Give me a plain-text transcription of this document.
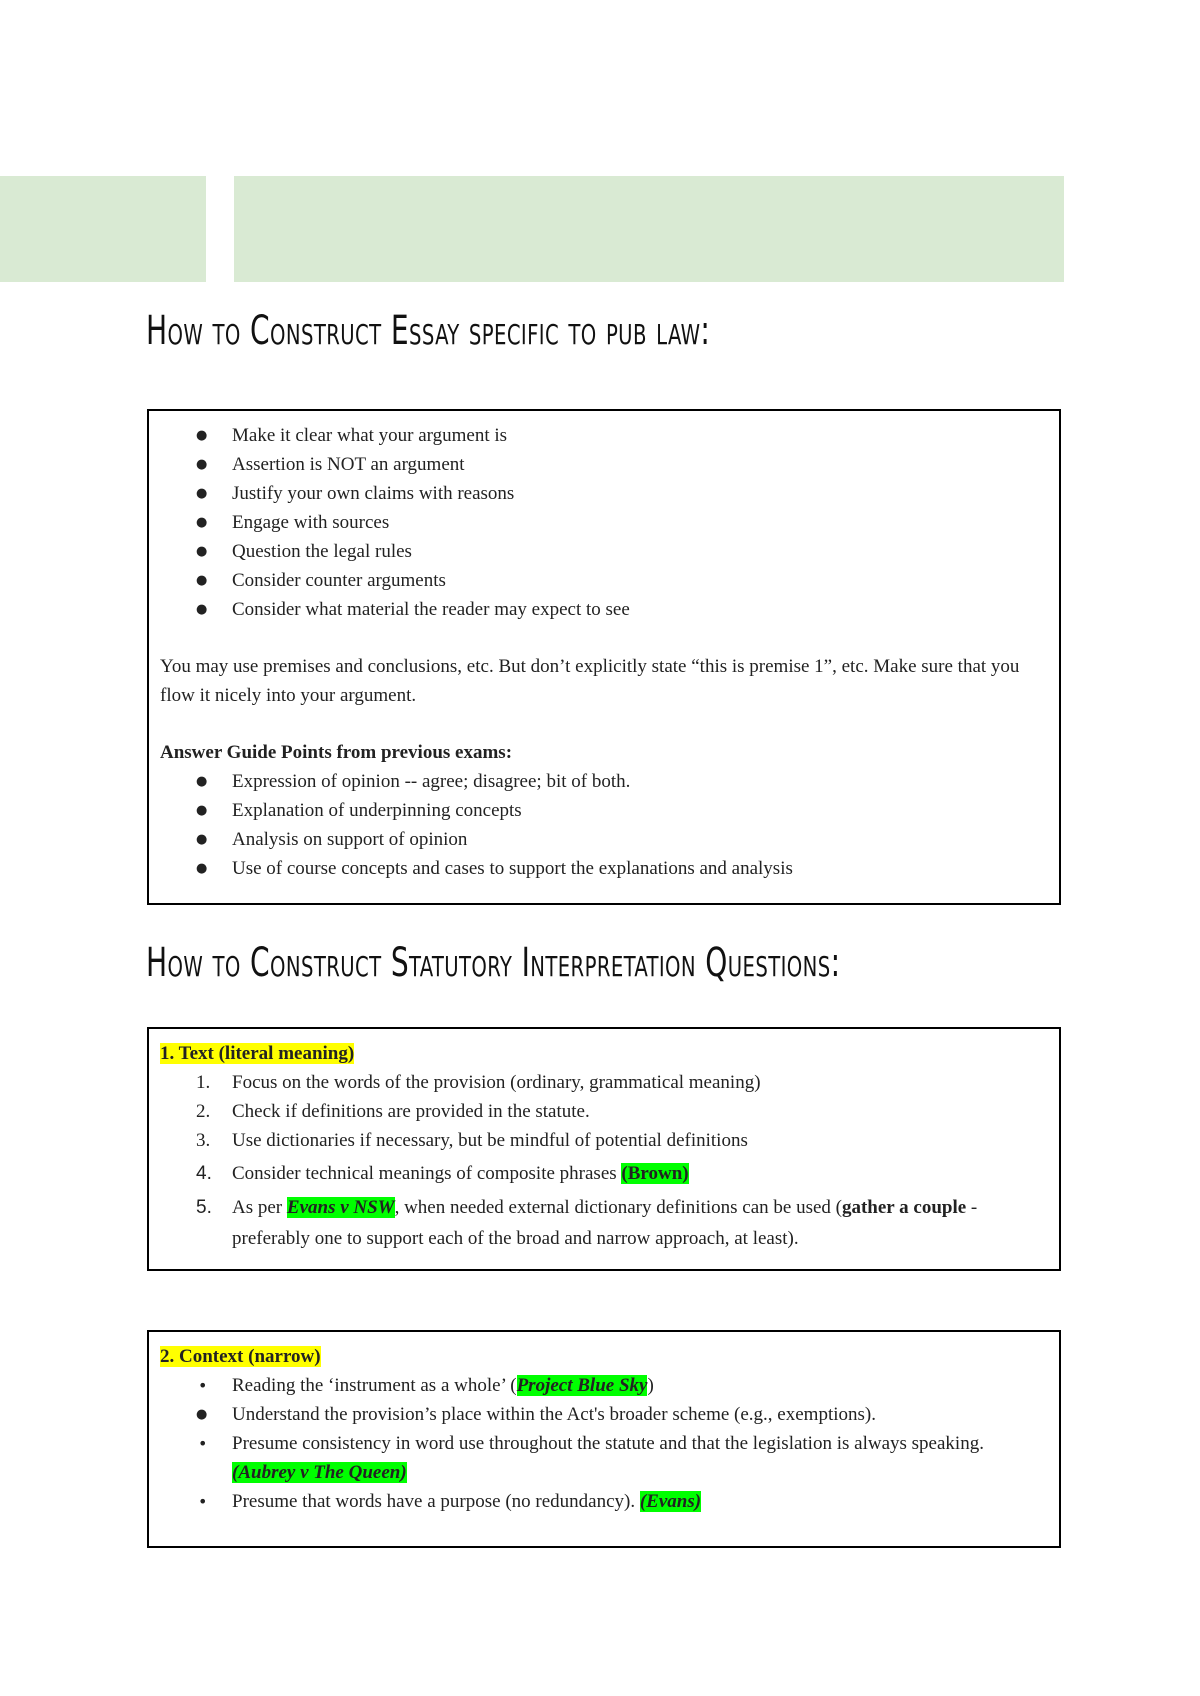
How to Construct Essay specific to pub law:
● Make it clear what your argument is
● Assertion is NOT an argument
● Justify your own claims with reasons
● Engage with sources
● Question the legal rules
● Consider counter arguments
● Consider what material the reader may expect to see

You may use premises and conclusions, etc. But don’t explicitly state “this is premise 1”, etc. Make sure that you flow it nicely into your argument.

Answer Guide Points from previous exams:

● Expression of opinion -- agree; disagree; bit of both.
● Explanation of underpinning concepts
● Analysis on support of opinion
● Use of course concepts and cases to support the explanations and analysis
How to Construct Statutory Interpretation Questions:
1. Text (literal meaning)
1. Focus on the words of the provision (ordinary, grammatical meaning)
2. Check if definitions are provided in the statute.
3. Use dictionaries if necessary, but be mindful of potential definitions
4. Consider technical meanings of composite phrases (Brown)
5. As per Evans v NSW, when needed external dictionary definitions can be used (gather a couple - preferably one to support each of the broad and narrow approach, at least).
2. Context (narrow)
• Reading the ‘instrument as a whole’ (Project Blue Sky)
● Understand the provision’s place within the Act's broader scheme (e.g., exemptions).
• Presume consistency in word use throughout the statute and that the legislation is always speaking.(Aubrey v The Queen)
• Presume that words have a purpose (no redundancy). (Evans)
